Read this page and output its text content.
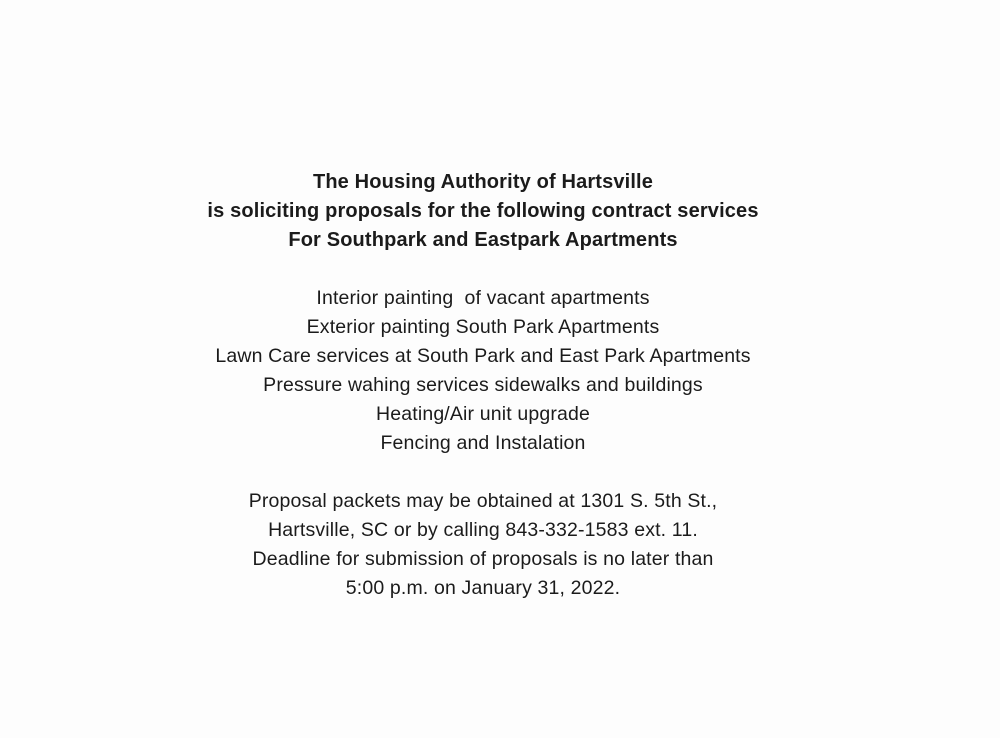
The Housing Authority of Hartsville
is soliciting proposals for the following contract services
For Southpark and Eastpark Apartments
Interior painting  of vacant apartments
Exterior painting South Park Apartments
Lawn Care services at South Park and East Park Apartments
Pressure wahing services sidewalks and buildings
Heating/Air unit upgrade
Fencing and Instalation
Proposal packets may be obtained at 1301 S. 5th St.,
Hartsville, SC or by calling 843-332-1583 ext. 11.
Deadline for submission of proposals is no later than
5:00 p.m. on January 31, 2022.
